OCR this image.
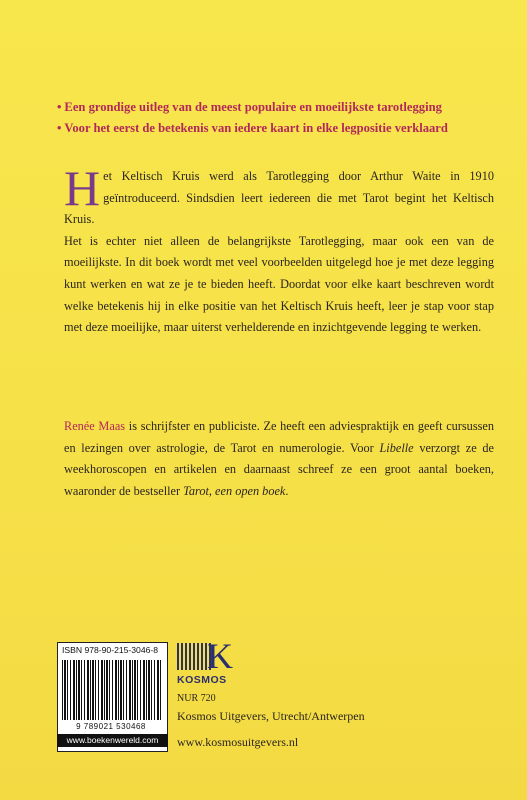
• Een grondige uitleg van de meest populaire en moeilijkste tarotlegging
• Voor het eerst de betekenis van iedere kaart in elke legpositie verklaard

Het Keltisch Kruis werd als Tarotlegging door Arthur Waite in 1910 geïntroduceerd. Sindsdien leert iedereen die met Tarot begint het Keltisch Kruis.

Het is echter niet alleen de belangrijkste Tarotlegging, maar ook een van de moeilijkste. In dit boek wordt met veel voorbeelden uitgelegd hoe je met deze legging kunt werken en wat ze je te bieden heeft. Doordat voor elke kaart beschreven wordt welke betekenis hij in elke positie van het Keltisch Kruis heeft, leer je stap voor stap met deze moeilijke, maar uiterst verhelderende en inzichtgevende legging te werken.

Renée Maas is schrijfster en publiciste. Ze heeft een adviespraktijk en geeft cursussen en lezingen over astrologie, de Tarot en numerologie. Voor Libelle verzorgt ze de weekhoroscopen en artikelen en daarnaast schreef ze een groot aantal boeken, waaronder de bestseller Tarot, een open boek.

ISBN 978-90-215-3046-8
9 789021 530468
www.boekenwereld.com
K
KOSMOS
NUR 720
Kosmos Uitgevers, Utrecht/Antwerpen
www.kosmosuitgevers.nl
